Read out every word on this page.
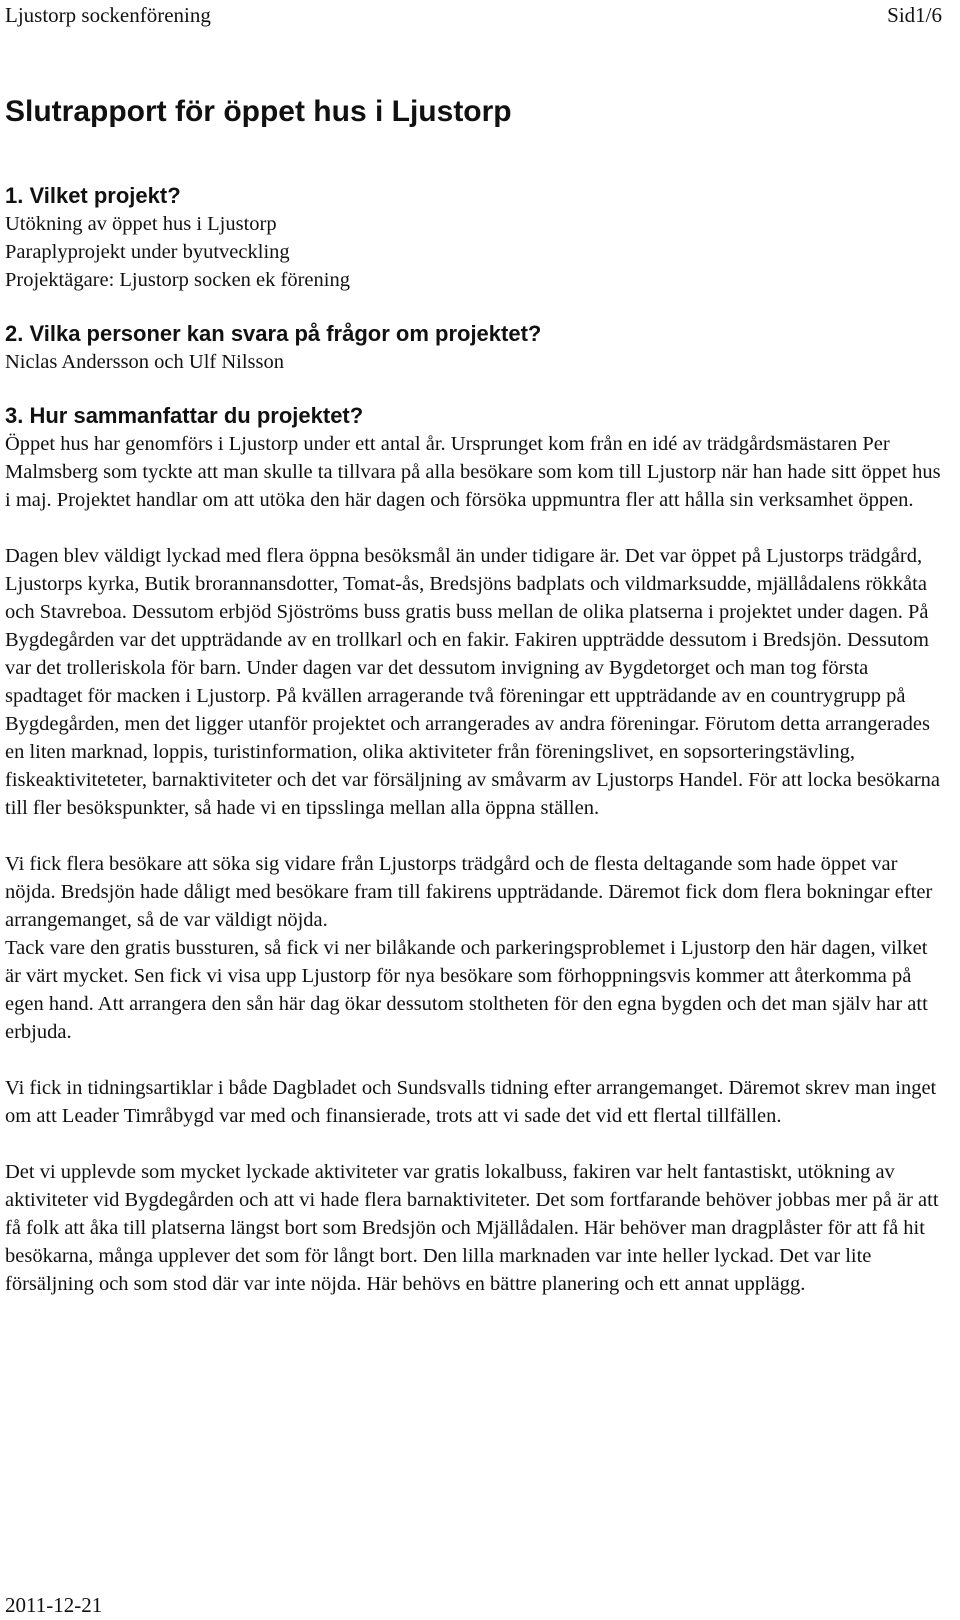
Ljustorp sockenförening	Sid1/6
Slutrapport för öppet hus i Ljustorp

1. Vilket projekt?

Utökning av öppet hus i Ljustorp

Paraplyprojekt under byutveckling

Projektägare: Ljustorp socken ek förening

2. Vilka personer kan svara på frågor om projektet?

Niclas Andersson och Ulf Nilsson

3. Hur sammanfattar du projektet?

Öppet hus har genomförs i Ljustorp under ett antal år. Ursprunget kom från en idé av trädgårdsmästaren Per Malmsberg som tyckte att man skulle ta tillvara på alla besökare som kom till Ljustorp när han hade sitt öppet hus i maj. Projektet handlar om att utöka den här dagen och försöka uppmuntra fler att hålla sin verksamhet öppen.

Dagen blev väldigt lyckad med flera öppna besöksmål än under tidigare är. Det var öppet på Ljustorps trädgård, Ljustorps kyrka, Butik brorannansdotter, Tomat-ås, Bredsjöns badplats och vildmarksudde, mjällådalens rökkåta och Stavreboa. Dessutom erbjöd Sjöströms buss gratis buss mellan de olika platserna i projektet under dagen. På Bygdegården var det uppträdande av en trollkarl och en fakir. Fakiren uppträdde dessutom i Bredsjön. Dessutom var det trolleriskola för barn. Under dagen var det dessutom invigning av Bygdetorget och man tog första spadtaget för macken i Ljustorp. På kvällen arragerande två föreningar ett uppträdande av en countrygrupp på Bygdegården, men det ligger utanför projektet och arrangerades av andra föreningar. Förutom detta arrangerades en liten marknad, loppis, turistinformation, olika aktiviteter från föreningslivet, en sopsorteringstävling, fiskeaktiviteteter, barnaktiviteter och det var försäljning av småvarm av Ljustorps Handel. För att locka besökarna till fler besökspunkter, så hade vi en tipsslinga mellan alla öppna ställen.

Vi fick flera besökare att söka sig vidare från Ljustorps trädgård och de flesta deltagande som hade öppet var nöjda. Bredsjön hade dåligt med besökare fram till fakirens uppträdande. Däremot fick dom flera bokningar efter arrangemanget, så de var väldigt nöjda.

Tack vare den gratis bussturen, så fick vi ner bilåkande och parkeringsproblemet i Ljustorp den här dagen, vilket är värt mycket. Sen fick vi visa upp Ljustorp för nya besökare som förhoppningsvis kommer att återkomma på egen hand. Att arrangera den sån här dag ökar dessutom stoltheten för den egna bygden och det man själv har att erbjuda.

Vi fick in tidningsartiklar i både Dagbladet och Sundsvalls tidning efter arrangemanget. Däremot skrev man inget om att Leader Timråbygd var med och finansierade, trots att vi sade det vid ett flertal tillfällen.

Det vi upplevde som mycket lyckade aktiviteter var gratis lokalbuss, fakiren var helt fantastiskt, utökning av aktiviteter vid Bygdegården och att vi hade flera barnaktiviteter. Det som fortfarande behöver jobbas mer på är att få folk att åka till platserna längst bort som Bredsjön och Mjällådalen. Här behöver man dragplåster för att få hit besökarna, många upplever det som för långt bort. Den lilla marknaden var inte heller lyckad. Det var lite försäljning och som stod där var inte nöjda. Här behövs en bättre planering och ett annat upplägg.

2011-12-21
